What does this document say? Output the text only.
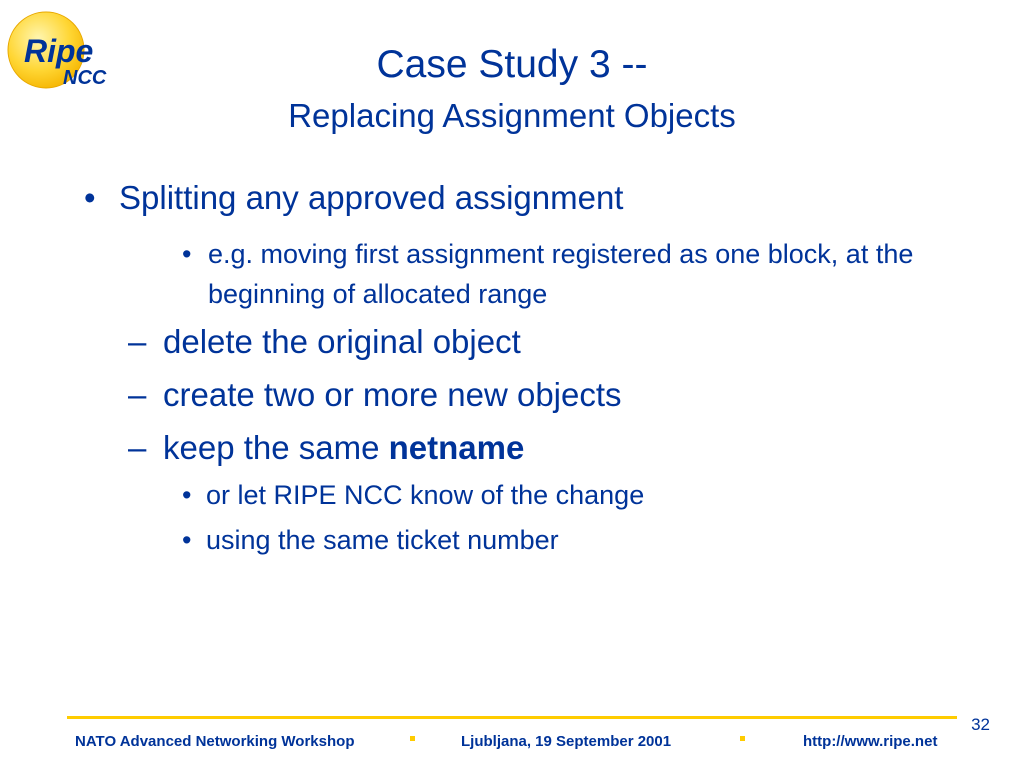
Ripe
NCC	Case Study 3 --
Replacing Assignment Objects
• Splitting any approved assignment
• e.g. moving first assignment registered as one block, at the beginning of allocated range
– delete the original object
– create two or more new objects
– keep the same netname
• or let RIPE NCC know of the change
• using the same ticket number
32
NATO Advanced Networking Workshop	Ljubljana, 19 September 2001	http://www.ripe.net
